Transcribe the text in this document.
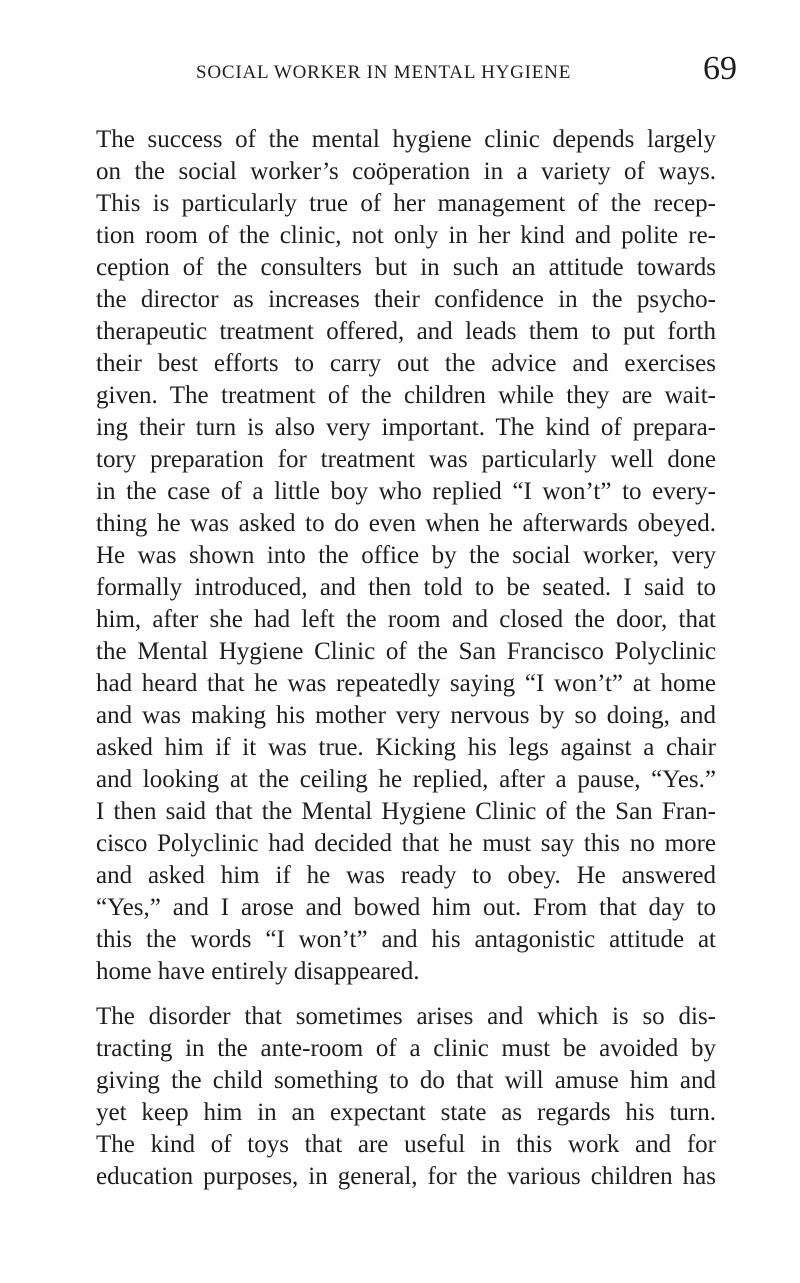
SOCIAL WORKER IN MENTAL HYGIENE	69
The success of the mental hygiene clinic depends largely
on the social worker’s coöperation in a variety of ways.
This is particularly true of her management of the recep-
tion room of the clinic, not only in her kind and polite re-
ception of the consulters but in such an attitude towards
the director as increases their confidence in the psycho-
therapeutic treatment offered, and leads them to put forth
their best efforts to carry out the advice and exercises
given. The treatment of the children while they are wait-
ing their turn is also very important. The kind of prepara-
tory preparation for treatment was particularly well done
in the case of a little boy who replied “I won’t” to every-
thing he was asked to do even when he afterwards obeyed.
He was shown into the office by the social worker, very
formally introduced, and then told to be seated. I said to
him, after she had left the room and closed the door, that
the Mental Hygiene Clinic of the San Francisco Polyclinic
had heard that he was repeatedly saying “I won’t” at home
and was making his mother very nervous by so doing, and
asked him if it was true. Kicking his legs against a chair
and looking at the ceiling he replied, after a pause, “Yes.”
I then said that the Mental Hygiene Clinic of the San Fran-
cisco Polyclinic had decided that he must say this no more
and asked him if he was ready to obey. He answered
“Yes,” and I arose and bowed him out. From that day to
this the words “I won’t” and his antagonistic attitude at
home have entirely disappeared.
The disorder that sometimes arises and which is so dis-
tracting in the ante-room of a clinic must be avoided by
giving the child something to do that will amuse him and
yet keep him in an expectant state as regards his turn.
The kind of toys that are useful in this work and for
education purposes, in general, for the various children has
